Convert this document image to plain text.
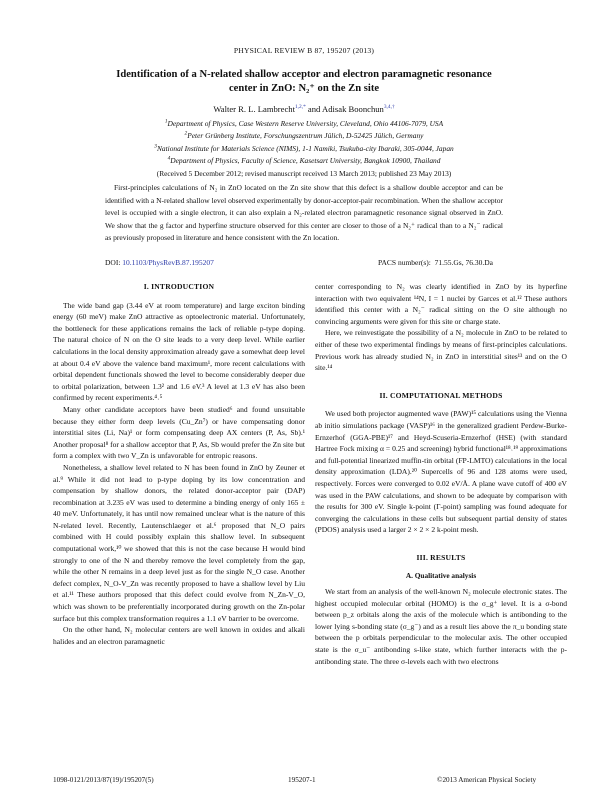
PHYSICAL REVIEW B 87, 195207 (2013)
Identification of a N-related shallow acceptor and electron paramagnetic resonance
center in ZnO: N₂⁺ on the Zn site
Walter R. L. Lambrecht$^{1,2,*}$ and Adisak Boonchun$^{3,4,\dagger}$
$^1$Department of Physics, Case Western Reserve University, Cleveland, Ohio 44106-7079, USA
$^2$Peter Grünberg Institute, Forschungszentrum Jülich, D-52425 Jülich, Germany
$^3$National Institute for Materials Science (NIMS), 1-1 Namiki, Tsukuba-city Ibaraki, 305-0044, Japan
$^4$Department of Physics, Faculty of Science, Kasetsart University, Bangkok 10900, Thailand
(Received 5 December 2012; revised manuscript received 13 March 2013; published 23 May 2013)

First-principles calculations of N₂ in ZnO located on the Zn site show that this defect is a shallow double acceptor and can be identified with a N-related shallow level observed experimentally by donor-acceptor-pair recombination. When the shallow acceptor level is occupied with a single electron, it can also explain a N₂-related electron paramagnetic resonance signal observed in ZnO. We show that the g factor and hyperfine structure observed for this center are closer to those of a N₂⁺ radical than to a N₂⁻ radical as previously proposed in literature and hence consistent with the Zn location.

DOI: 10.1103/PhysRevB.87.195207	PACS number(s): 71.55.Gs, 76.30.Da
I. INTRODUCTION

The wide band gap (3.44 eV at room temperature) and large exciton binding energy (60 meV) make ZnO attractive as optoelectronic material. Unfortunately, the bottleneck for these applications remains the lack of reliable p-type doping. The natural choice of N on the O site leads to a very deep level. While earlier calculations in the local density approximation already gave a somewhat deep level at about 0.4 eV above the valence band maximum¹, more recent calculations with orbital dependent functionals showed the level to become considerably deeper due to orbital polarization, between 1.3² and 1.6 eV.³ A level at 1.3 eV has also been confirmed by recent experiments.⁴˒⁵

Many other candidate acceptors have been studied⁶ and found unsuitable because they either form deep levels (Cu_Zn⁷) or have compensating donor interstitial sites (Li, Na)¹ or form compensating deep AX centers (P, As, Sb).¹ Another proposal⁸ for a shallow acceptor that P, As, Sb would prefer the Zn site but form a complex with two V_Zn is unfavorable for entropic reasons.

Nonetheless, a shallow level related to N has been found in ZnO by Zeuner et al.⁹ While it did not lead to p-type doping by its low concentration and compensation by shallow donors, the related donor-acceptor pair (DAP) recombination at 3.235 eV was used to determine a binding energy of only 165 ± 40 meV. Unfortunately, it has until now remained unclear what is the nature of this N-related level. Recently, Lautenschlaeger et al.⁶ proposed that N_O pairs combined with H could possibly explain this shallow level. In subsequent computational work,¹⁰ we showed that this is not the case because H would bind strongly to one of the N and thereby remove the level completely from the gap, while the other N remains in a deep level just as for the single N_O case. Another defect complex, N_O-V_Zn was recently proposed to have a shallow level by Liu et al.¹¹ These authors proposed that this defect could evolve from N_Zn-V_O, which was shown to be preferentially incorporated during growth on the Zn-polar surface but this complex transformation requires a 1.1 eV barrier to be overcome.

On the other hand, N₂ molecular centers are well known in oxides and alkali halides and an electron paramagnetic

center corresponding to N₂ was clearly identified in ZnO by its hyperfine interaction with two equivalent ¹⁴N, I = 1 nuclei by Garces et al.¹² These authors identified this center with a N₂⁻ radical sitting on the O site although no convincing arguments were given for this site or charge state.

Here, we reinvestigate the possibility of a N₂ molecule in ZnO to be related to either of these two experimental findings by means of first-principles calculations. Previous work has already studied N₂ in ZnO in interstitial sites¹³ and on the O site.¹⁴

II. COMPUTATIONAL METHODS

We used both projector augmented wave (PAW)¹⁵ calculations using the Vienna ab initio simulations package (VASP)¹⁶ in the generalized gradient Perdew-Burke-Ernzerhof (GGA-PBE)¹⁷ and Heyd-Scuseria-Ernzerhof (HSE) (with standard Hartree Fock mixing α = 0.25 and screening) hybrid functional¹⁸˒¹⁹ approximations and full-potential linearized muffin-tin orbital (FP-LMTO) calculations in the local density approximation (LDA).²⁰ Supercells of 96 and 128 atoms were used, respectively. Forces were converged to 0.02 eV/Å. A plane wave cutoff of 400 eV was used in the PAW calculations, and shown to be adequate by comparison with the results for 300 eV. Single k-point (Γ-point) sampling was found adequate for converging the calculations in these cells but subsequent partial density of states (PDOS) analysis used a larger 2 × 2 × 2 k-point mesh.

III. RESULTS
A. Qualitative analysis

We start from an analysis of the well-known N₂ molecule electronic states. The highest occupied molecular orbital (HOMO) is the σ_g⁺ level. It is a σ-bond between p_z orbitals along the axis of the molecule which is antibonding to the lower lying s-bonding state (σ_g⁻) and as a result lies above the π_u bonding state between the p orbitals perpendicular to the molecular axis. The other occupied state is the σ_u⁻ antibonding s-like state, which further interacts with the p-antibonding state. The three σ-levels each with two electrons

1098-0121/2013/87(19)/195207(5)	195207-1	©2013 American Physical Society
